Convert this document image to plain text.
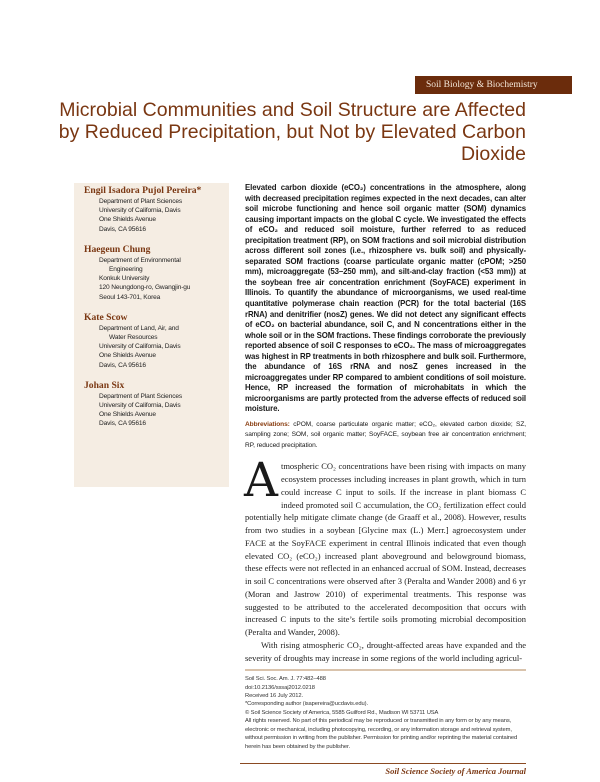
Soil Biology & Biochemistry
Microbial Communities and Soil Structure are Affected by Reduced Precipitation, but Not by Elevated Carbon Dioxide
Engil Isadora Pujol Pereira*
Department of Plant Sciences
University of California, Davis
One Shields Avenue
Davis, CA 95616
Haegeun Chung
Department of Environmental
Engineering
Konkuk University
120 Neungdong-ro, Gwangjin-gu
Seoul 143-701, Korea
Kate Scow
Department of Land, Air, and
Water Resources
University of California, Davis
One Shields Avenue
Davis, CA 95616
Johan Six
Department of Plant Sciences
University of California, Davis
One Shields Avenue
Davis, CA 95616

Elevated carbon dioxide (eCO₂) concentrations in the atmosphere, along with decreased precipitation regimes expected in the next decades, can alter soil microbe functioning and hence soil organic matter (SOM) dynamics causing important impacts on the global C cycle. We investigated the effects of eCO₂ and reduced soil moisture, further referred to as reduced precipitation treatment (RP), on SOM fractions and soil microbial distribution across different soil zones (i.e., rhizosphere vs. bulk soil) and physically-separated SOM fractions (coarse particulate organic matter (cPOM; >250 mm), microaggregate (53–250 mm), and silt-and-clay fraction (<53 mm)) at the soybean free air concentration enrichment (SoyFACE) experiment in Illinois. To quantify the abundance of microorganisms, we used real-time quantitative polymerase chain reaction (PCR) for the total bacterial (16S rRNA) and denitrifier (nosZ) genes. We did not detect any significant effects of eCO₂ on bacterial abundance, soil C, and N concentrations either in the whole soil or in the SOM fractions. These findings corroborate the previously reported absence of soil C responses to eCO₂. The mass of microaggregates was highest in RP treatments in both rhizosphere and bulk soil. Furthermore, the abundance of 16S rRNA and nosZ genes increased in the microaggregates under RP compared to ambient conditions of soil moisture. Hence, RP increased the formation of microhabitats in which the microorganisms are partly protected from the adverse effects of reduced soil moisture.

Abbreviations: cPOM, coarse particulate organic matter; eCO₂, elevated carbon dioxide; SZ, sampling zone; SOM, soil organic matter; SoyFACE, soybean free air concentration enrichment; RP, reduced precipitation.

Atmospheric CO₂ concentrations have been rising with impacts on many ecosystem processes including increases in plant growth, which in turn could increase C input to soils. If the increase in plant biomass C indeed promoted soil C accumulation, the CO₂ fertilization effect could potentially help mitigate climate change (de Graaff et al., 2008). However, results from two studies in a soybean [Glycine max (L.) Merr.] agroecosystem under FACE at the SoyFACE experiment in central Illinois indicated that even though elevated CO₂ (eCO₂) increased plant aboveground and belowground biomass, these effects were not reflected in an enhanced accrual of SOM. Instead, decreases in soil C concentrations were observed after 3 (Peralta and Wander 2008) and 6 yr (Moran and Jastrow 2010) of experimental treatments. This response was suggested to be attributed to the accelerated decomposition that occurs with increased C inputs to the site’s fertile soils promoting microbial decomposition (Peralta and Wander, 2008).

With rising atmospheric CO₂, drought-affected areas have expanded and the severity of droughts may increase in some regions of the world including agricul-

Soil Sci. Soc. Am. J. 77:482–488
doi:10.2136/sssaj2012.0218
Received 16 July 2012.
*Corresponding author (isapereira@ucdavis.edu).
© Soil Science Society of America, 5585 Guilford Rd., Madison WI 53711 USA
All rights reserved. No part of this periodical may be reproduced or transmitted in any form or by any means, electronic or mechanical, including photocopying, recording, or any information storage and retrieval system, without permission in writing from the publisher. Permission for printing and/or reprinting the material contained herein has been obtained by the publisher.
Soil Science Society of America Journal
